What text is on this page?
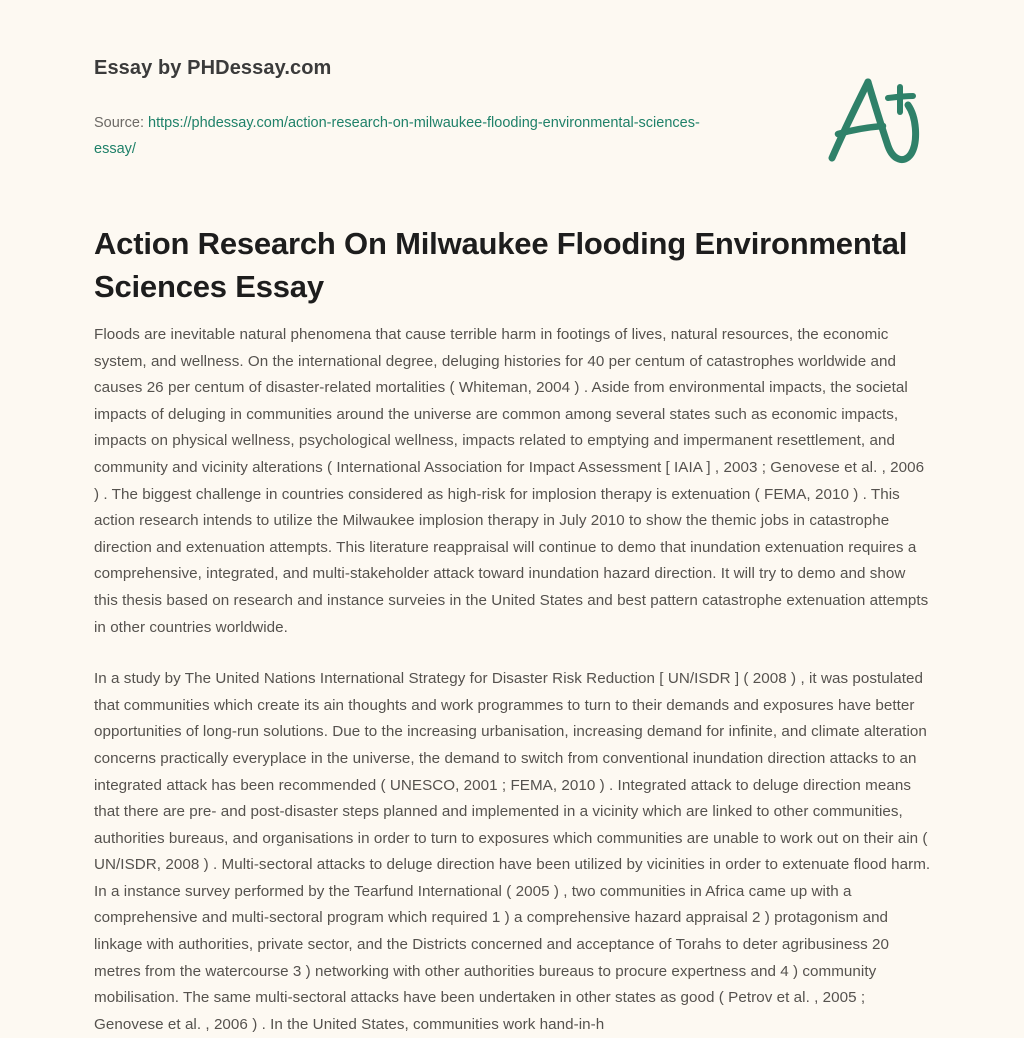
Essay by PHDessay.com
Source: https://phdessay.com/action-research-on-milwaukee-flooding-environmental-sciences-essay/
Action Research On Milwaukee Flooding Environmental Sciences Essay

Floods are inevitable natural phenomena that cause terrible harm in footings of lives, natural resources, the economic system, and wellness. On the international degree, deluging histories for 40 per centum of catastrophes worldwide and causes 26 per centum of disaster-related mortalities ( Whiteman, 2004 ) . Aside from environmental impacts, the societal impacts of deluging in communities around the universe are common among several states such as economic impacts, impacts on physical wellness, psychological wellness, impacts related to emptying and impermanent resettlement, and community and vicinity alterations ( International Association for Impact Assessment [ IAIA ] , 2003 ; Genovese et al. , 2006 ) . The biggest challenge in countries considered as high-risk for implosion therapy is extenuation ( FEMA, 2010 ) . This action research intends to utilize the Milwaukee implosion therapy in July 2010 to show the themic jobs in catastrophe direction and extenuation attempts. This literature reappraisal will continue to demo that inundation extenuation requires a comprehensive, integrated, and multi-stakeholder attack toward inundation hazard direction. It will try to demo and show this thesis based on research and instance surveies in the United States and best pattern catastrophe extenuation attempts in other countries worldwide.

In a study by The United Nations International Strategy for Disaster Risk Reduction [ UN/ISDR ] ( 2008 ) , it was postulated that communities which create its ain thoughts and work programmes to turn to their demands and exposures have better opportunities of long-run solutions. Due to the increasing urbanisation, increasing demand for infinite, and climate alteration concerns practically everyplace in the universe, the demand to switch from conventional inundation direction attacks to an integrated attack has been recommended ( UNESCO, 2001 ; FEMA, 2010 ) . Integrated attack to deluge direction means that there are pre- and post-disaster steps planned and implemented in a vicinity which are linked to other communities, authorities bureaus, and organisations in order to turn to exposures which communities are unable to work out on their ain ( UN/ISDR, 2008 ) . Multi-sectoral attacks to deluge direction have been utilized by vicinities in order to extenuate flood harm. In a instance survey performed by the Tearfund International ( 2005 ) , two communities in Africa came up with a comprehensive and multi-sectoral program which required 1 ) a comprehensive hazard appraisal 2 ) protagonism and linkage with authorities, private sector, and the Districts concerned and acceptance of Torahs to deter agribusiness 20 metres from the watercourse 3 ) networking with other authorities bureaus to procure expertness and 4 ) community mobilisation. The same multi-sectoral attacks have been undertaken in other states as good ( Petrov et al. , 2005 ; Genovese et al. , 2006 ) . In the United States, communities work hand-in-h
